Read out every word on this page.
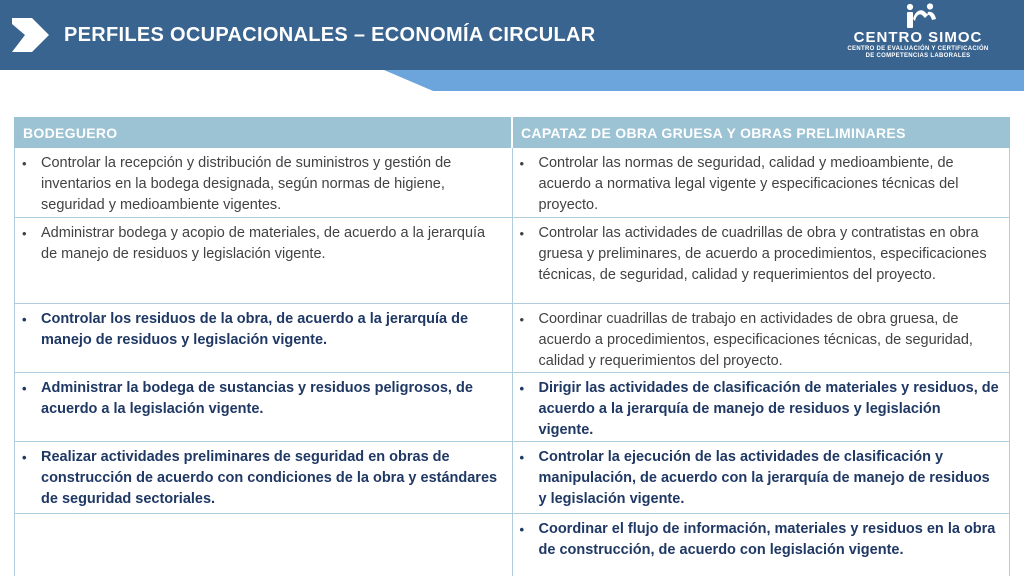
PERFILES OCUPACIONALES – ECONOMÍA CIRCULAR	CENTRO SIMOC
CENTRO DE EVALUACIÓN Y CERTIFICACIÓN
DE COMPETENCIAS LABORALES
BODEGUERO	CAPATAZ DE OBRA GRUESA Y OBRAS PRELIMINARES

• Controlar la recepción y distribución de suministros y gestión de inventarios en la bodega designada, según normas de higiene, seguridad y medioambiente vigentes.	• Controlar las normas de seguridad, calidad y medioambiente, de acuerdo a normativa legal vigente y especificaciones técnicas del proyecto.

• Administrar bodega y acopio de materiales, de acuerdo a la jerarquía de manejo de residuos y legislación vigente.	• Controlar las actividades de cuadrillas de obra y contratistas en obra gruesa y preliminares, de acuerdo a procedimientos, especificaciones técnicas, de seguridad, calidad y requerimientos del proyecto.

• Controlar los residuos de la obra, de acuerdo a la jerarquía de manejo de residuos y legislación vigente.	• Coordinar cuadrillas de trabajo en actividades de obra gruesa, de acuerdo a procedimientos, especificaciones técnicas, de seguridad, calidad y requerimientos del proyecto.

• Administrar la bodega de sustancias y residuos peligrosos, de acuerdo a la legislación vigente.	• Dirigir las actividades de clasificación de materiales y residuos, de acuerdo a la jerarquía de manejo de residuos y legislación vigente.

• Realizar actividades preliminares de seguridad en obras de construcción de acuerdo con condiciones de la obra y estándares de seguridad sectoriales.	• Controlar la ejecución de las actividades de clasificación y manipulación, de acuerdo con la jerarquía de manejo de residuos y legislación vigente.

	• Coordinar el flujo de información, materiales y residuos en la obra de construcción, de acuerdo con legislación vigente.
